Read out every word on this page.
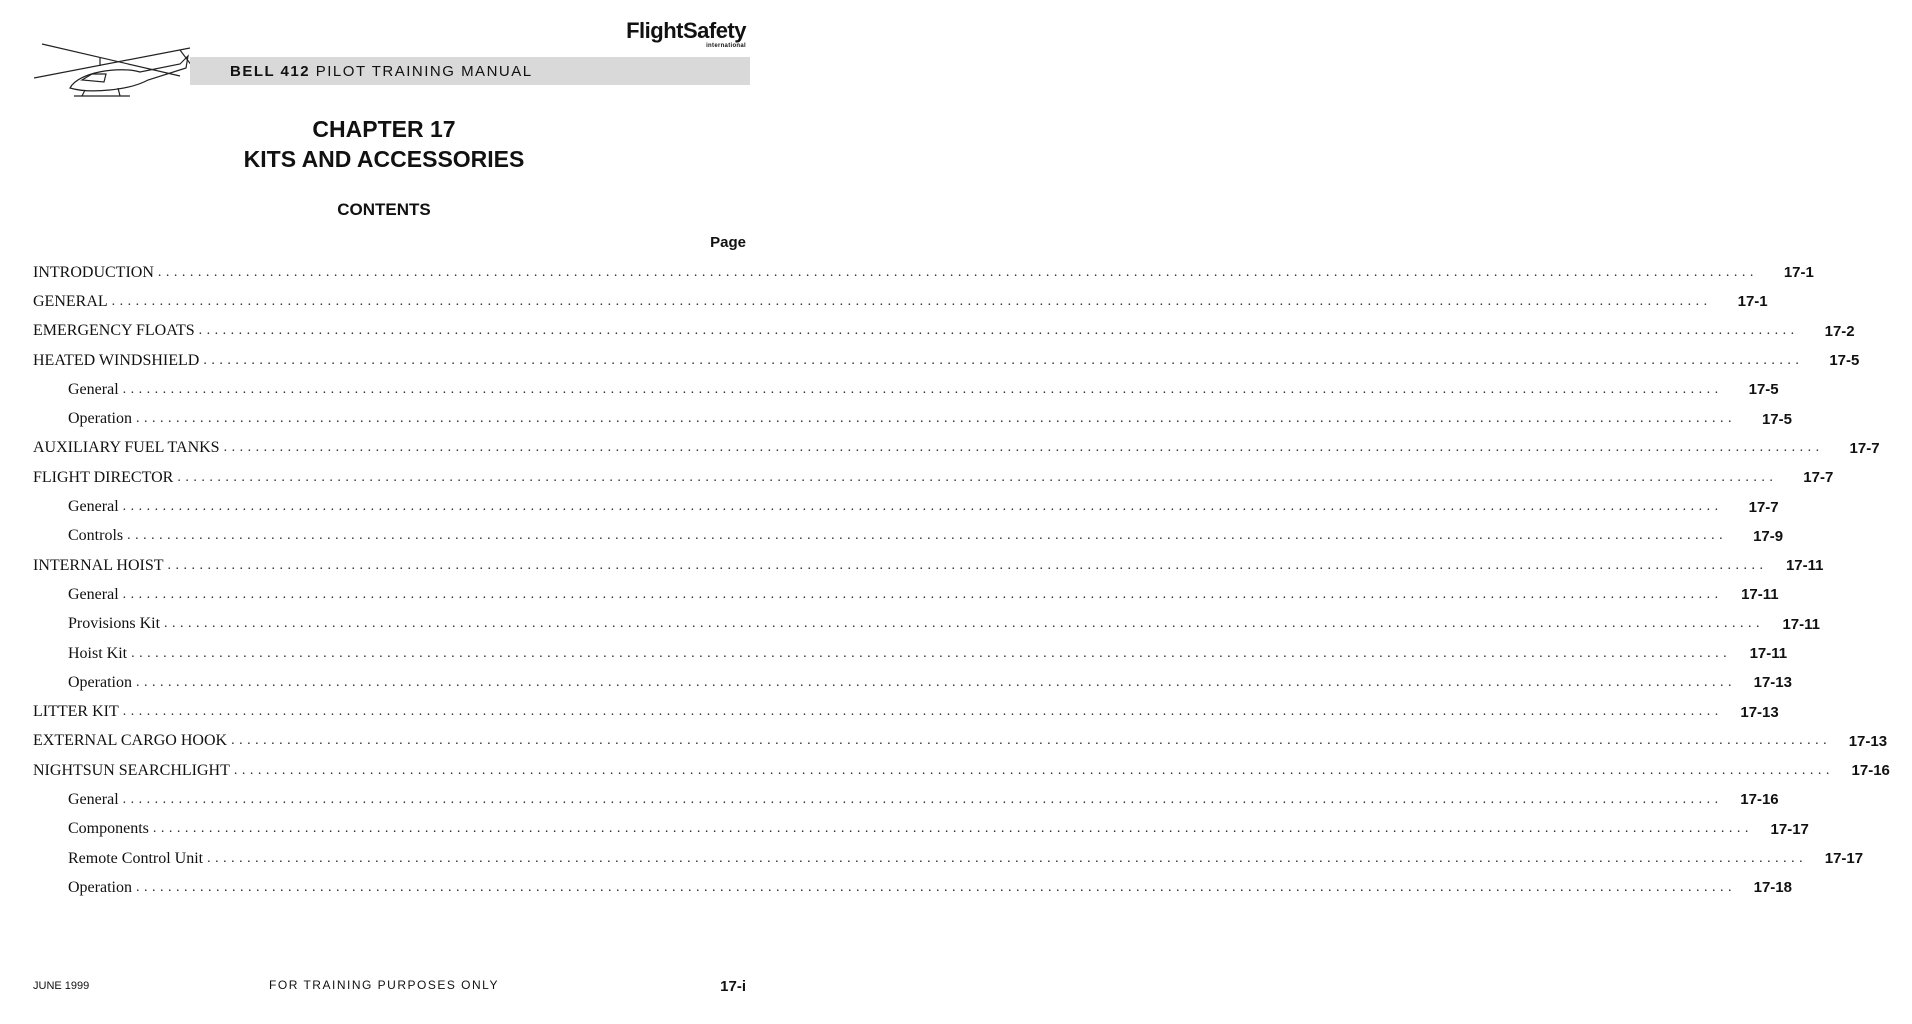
FlightSafety
international
BELL 412 PILOT TRAINING MANUAL
CHAPTER 17
KITS AND ACCESSORIES
CONTENTS
Page
INTRODUCTION . . . . . . . . . . . . . . . . . . . . . . . . . . . . . . . . . . . . . . . . . . . . . . . . . . . . . . . . . . . . . . . . . . . . . . . . . . . . . . . . . . . . . . . . . . . . . . . . . . . . . . . . . . . . . . . . . . . . . . . . . . . . . . . . . . . . . . . . . . . . . . . . . . . . . . . . . . . . . . . . . . . . . . . . . . . . . . . . . . . . . . . . . . . . . . . . . . . . . . . .	17-1
GENERAL . . . . . . . . . . . . . . . . . . . . . . . . . . . . . . . . . . . . . . . . . . . . . . . . . . . . . . . . . . . . . . . . . . . . . . . . . . . . . . . . . . . . . . . . . . . . . . . . . . . . . . . . . . . . . . . . . . . . . . . . . . . . . . . . . . . . . . . . . . . . . . . . . . . . . . . . . . . . . . . . . . . . . . . . . . . . . . . . . . . . . . . . . . . . . . . . . . . . . . . .	17-1
EMERGENCY FLOATS . . . . . . . . . . . . . . . . . . . . . . . . . . . . . . . . . . . . . . . . . . . . . . . . . . . . . . . . . . . . . . . . . . . . . . . . . . . . . . . . . . . . . . . . . . . . . . . . . . . . . . . . . . . . . . . . . . . . . . . . . . . . . . . . . . . . . . . . . . . . . . . . . . . . . . . . . . . . . . . . . . . . . . . . . . . . . . . . . . . . . . . . . . . . . . . . . . . . . . . .	17-2
HEATED WINDSHIELD . . . . . . . . . . . . . . . . . . . . . . . . . . . . . . . . . . . . . . . . . . . . . . . . . . . . . . . . . . . . . . . . . . . . . . . . . . . . . . . . . . . . . . . . . . . . . . . . . . . . . . . . . . . . . . . . . . . . . . . . . . . . . . . . . . . . . . . . . . . . . . . . . . . . . . . . . . . . . . . . . . . . . . . . . . . . . . . . . . . . . . . . . . . . . . . . . . . . . . . .	17-5
General . . . . . . . . . . . . . . . . . . . . . . . . . . . . . . . . . . . . . . . . . . . . . . . . . . . . . . . . . . . . . . . . . . . . . . . . . . . . . . . . . . . . . . . . . . . . . . . . . . . . . . . . . . . . . . . . . . . . . . . . . . . . . . . . . . . . . . . . . . . . . . . . . . . . . . . . . . . . . . . . . . . . . . . . . . . . . . . . . . . . . . . . . . . . . . . . . . . . . . . .	17-5
Operation . . . . . . . . . . . . . . . . . . . . . . . . . . . . . . . . . . . . . . . . . . . . . . . . . . . . . . . . . . . . . . . . . . . . . . . . . . . . . . . . . . . . . . . . . . . . . . . . . . . . . . . . . . . . . . . . . . . . . . . . . . . . . . . . . . . . . . . . . . . . . . . . . . . . . . . . . . . . . . . . . . . . . . . . . . . . . . . . . . . . . . . . . . . . . . . . . . . . . . . .	17-5
AUXILIARY FUEL TANKS . . . . . . . . . . . . . . . . . . . . . . . . . . . . . . . . . . . . . . . . . . . . . . . . . . . . . . . . . . . . . . . . . . . . . . . . . . . . . . . . . . . . . . . . . . . . . . . . . . . . . . . . . . . . . . . . . . . . . . . . . . . . . . . . . . . . . . . . . . . . . . . . . . . . . . . . . . . . . . . . . . . . . . . . . . . . . . . . . . . . . . . . . . . . . . . . . . . . . . . .	17-7
FLIGHT DIRECTOR . . . . . . . . . . . . . . . . . . . . . . . . . . . . . . . . . . . . . . . . . . . . . . . . . . . . . . . . . . . . . . . . . . . . . . . . . . . . . . . . . . . . . . . . . . . . . . . . . . . . . . . . . . . . . . . . . . . . . . . . . . . . . . . . . . . . . . . . . . . . . . . . . . . . . . . . . . . . . . . . . . . . . . . . . . . . . . . . . . . . . . . . . . . . . . . . . . . . . . . .	17-7
General . . . . . . . . . . . . . . . . . . . . . . . . . . . . . . . . . . . . . . . . . . . . . . . . . . . . . . . . . . . . . . . . . . . . . . . . . . . . . . . . . . . . . . . . . . . . . . . . . . . . . . . . . . . . . . . . . . . . . . . . . . . . . . . . . . . . . . . . . . . . . . . . . . . . . . . . . . . . . . . . . . . . . . . . . . . . . . . . . . . . . . . . . . . . . . . . . . . . . . . .	17-7
Controls . . . . . . . . . . . . . . . . . . . . . . . . . . . . . . . . . . . . . . . . . . . . . . . . . . . . . . . . . . . . . . . . . . . . . . . . . . . . . . . . . . . . . . . . . . . . . . . . . . . . . . . . . . . . . . . . . . . . . . . . . . . . . . . . . . . . . . . . . . . . . . . . . . . . . . . . . . . . . . . . . . . . . . . . . . . . . . . . . . . . . . . . . . . . . . . . . . . . . . . .	17-9
INTERNAL HOIST . . . . . . . . . . . . . . . . . . . . . . . . . . . . . . . . . . . . . . . . . . . . . . . . . . . . . . . . . . . . . . . . . . . . . . . . . . . . . . . . . . . . . . . . . . . . . . . . . . . . . . . . . . . . . . . . . . . . . . . . . . . . . . . . . . . . . . . . . . . . . . . . . . . . . . . . . . . . . . . . . . . . . . . . . . . . . . . . . . . . . . . . . . . . . . . . . . . . . . . .	17-11
General . . . . . . . . . . . . . . . . . . . . . . . . . . . . . . . . . . . . . . . . . . . . . . . . . . . . . . . . . . . . . . . . . . . . . . . . . . . . . . . . . . . . . . . . . . . . . . . . . . . . . . . . . . . . . . . . . . . . . . . . . . . . . . . . . . . . . . . . . . . . . . . . . . . . . . . . . . . . . . . . . . . . . . . . . . . . . . . . . . . . . . . . . . . . . . . . . . . . . . . .	17-11
Provisions Kit . . . . . . . . . . . . . . . . . . . . . . . . . . . . . . . . . . . . . . . . . . . . . . . . . . . . . . . . . . . . . . . . . . . . . . . . . . . . . . . . . . . . . . . . . . . . . . . . . . . . . . . . . . . . . . . . . . . . . . . . . . . . . . . . . . . . . . . . . . . . . . . . . . . . . . . . . . . . . . . . . . . . . . . . . . . . . . . . . . . . . . . . . . . . . . . . . . . . . . . .	17-11
Hoist Kit . . . . . . . . . . . . . . . . . . . . . . . . . . . . . . . . . . . . . . . . . . . . . . . . . . . . . . . . . . . . . . . . . . . . . . . . . . . . . . . . . . . . . . . . . . . . . . . . . . . . . . . . . . . . . . . . . . . . . . . . . . . . . . . . . . . . . . . . . . . . . . . . . . . . . . . . . . . . . . . . . . . . . . . . . . . . . . . . . . . . . . . . . . . . . . . . . . . . . . . .	17-11
Operation . . . . . . . . . . . . . . . . . . . . . . . . . . . . . . . . . . . . . . . . . . . . . . . . . . . . . . . . . . . . . . . . . . . . . . . . . . . . . . . . . . . . . . . . . . . . . . . . . . . . . . . . . . . . . . . . . . . . . . . . . . . . . . . . . . . . . . . . . . . . . . . . . . . . . . . . . . . . . . . . . . . . . . . . . . . . . . . . . . . . . . . . . . . . . . . . . . . . . . . .	17-13
LITTER KIT . . . . . . . . . . . . . . . . . . . . . . . . . . . . . . . . . . . . . . . . . . . . . . . . . . . . . . . . . . . . . . . . . . . . . . . . . . . . . . . . . . . . . . . . . . . . . . . . . . . . . . . . . . . . . . . . . . . . . . . . . . . . . . . . . . . . . . . . . . . . . . . . . . . . . . . . . . . . . . . . . . . . . . . . . . . . . . . . . . . . . . . . . . . . . . . . . . . . . . . .	17-13
EXTERNAL CARGO HOOK . . . . . . . . . . . . . . . . . . . . . . . . . . . . . . . . . . . . . . . . . . . . . . . . . . . . . . . . . . . . . . . . . . . . . . . . . . . . . . . . . . . . . . . . . . . . . . . . . . . . . . . . . . . . . . . . . . . . . . . . . . . . . . . . . . . . . . . . . . . . . . . . . . . . . . . . . . . . . . . . . . . . . . . . . . . . . . . . . . . . . . . . . . . . . . . . . . . . . . . .	17-13
NIGHTSUN SEARCHLIGHT . . . . . . . . . . . . . . . . . . . . . . . . . . . . . . . . . . . . . . . . . . . . . . . . . . . . . . . . . . . . . . . . . . . . . . . . . . . . . . . . . . . . . . . . . . . . . . . . . . . . . . . . . . . . . . . . . . . . . . . . . . . . . . . . . . . . . . . . . . . . . . . . . . . . . . . . . . . . . . . . . . . . . . . . . . . . . . . . . . . . . . . . . . . . . . . . . . . . . . . .	17-16
General . . . . . . . . . . . . . . . . . . . . . . . . . . . . . . . . . . . . . . . . . . . . . . . . . . . . . . . . . . . . . . . . . . . . . . . . . . . . . . . . . . . . . . . . . . . . . . . . . . . . . . . . . . . . . . . . . . . . . . . . . . . . . . . . . . . . . . . . . . . . . . . . . . . . . . . . . . . . . . . . . . . . . . . . . . . . . . . . . . . . . . . . . . . . . . . . . . . . . . . .	17-16
Components . . . . . . . . . . . . . . . . . . . . . . . . . . . . . . . . . . . . . . . . . . . . . . . . . . . . . . . . . . . . . . . . . . . . . . . . . . . . . . . . . . . . . . . . . . . . . . . . . . . . . . . . . . . . . . . . . . . . . . . . . . . . . . . . . . . . . . . . . . . . . . . . . . . . . . . . . . . . . . . . . . . . . . . . . . . . . . . . . . . . . . . . . . . . . . . . . . . . . . . .	17-17
Remote Control Unit . . . . . . . . . . . . . . . . . . . . . . . . . . . . . . . . . . . . . . . . . . . . . . . . . . . . . . . . . . . . . . . . . . . . . . . . . . . . . . . . . . . . . . . . . . . . . . . . . . . . . . . . . . . . . . . . . . . . . . . . . . . . . . . . . . . . . . . . . . . . . . . . . . . . . . . . . . . . . . . . . . . . . . . . . . . . . . . . . . . . . . . . . . . . . . . . . . . . . . . .	17-17
Operation . . . . . . . . . . . . . . . . . . . . . . . . . . . . . . . . . . . . . . . . . . . . . . . . . . . . . . . . . . . . . . . . . . . . . . . . . . . . . . . . . . . . . . . . . . . . . . . . . . . . . . . . . . . . . . . . . . . . . . . . . . . . . . . . . . . . . . . . . . . . . . . . . . . . . . . . . . . . . . . . . . . . . . . . . . . . . . . . . . . . . . . . . . . . . . . . . . . . . . . .	17-18
JUNE 1999	FOR TRAINING PURPOSES ONLY	17-i
